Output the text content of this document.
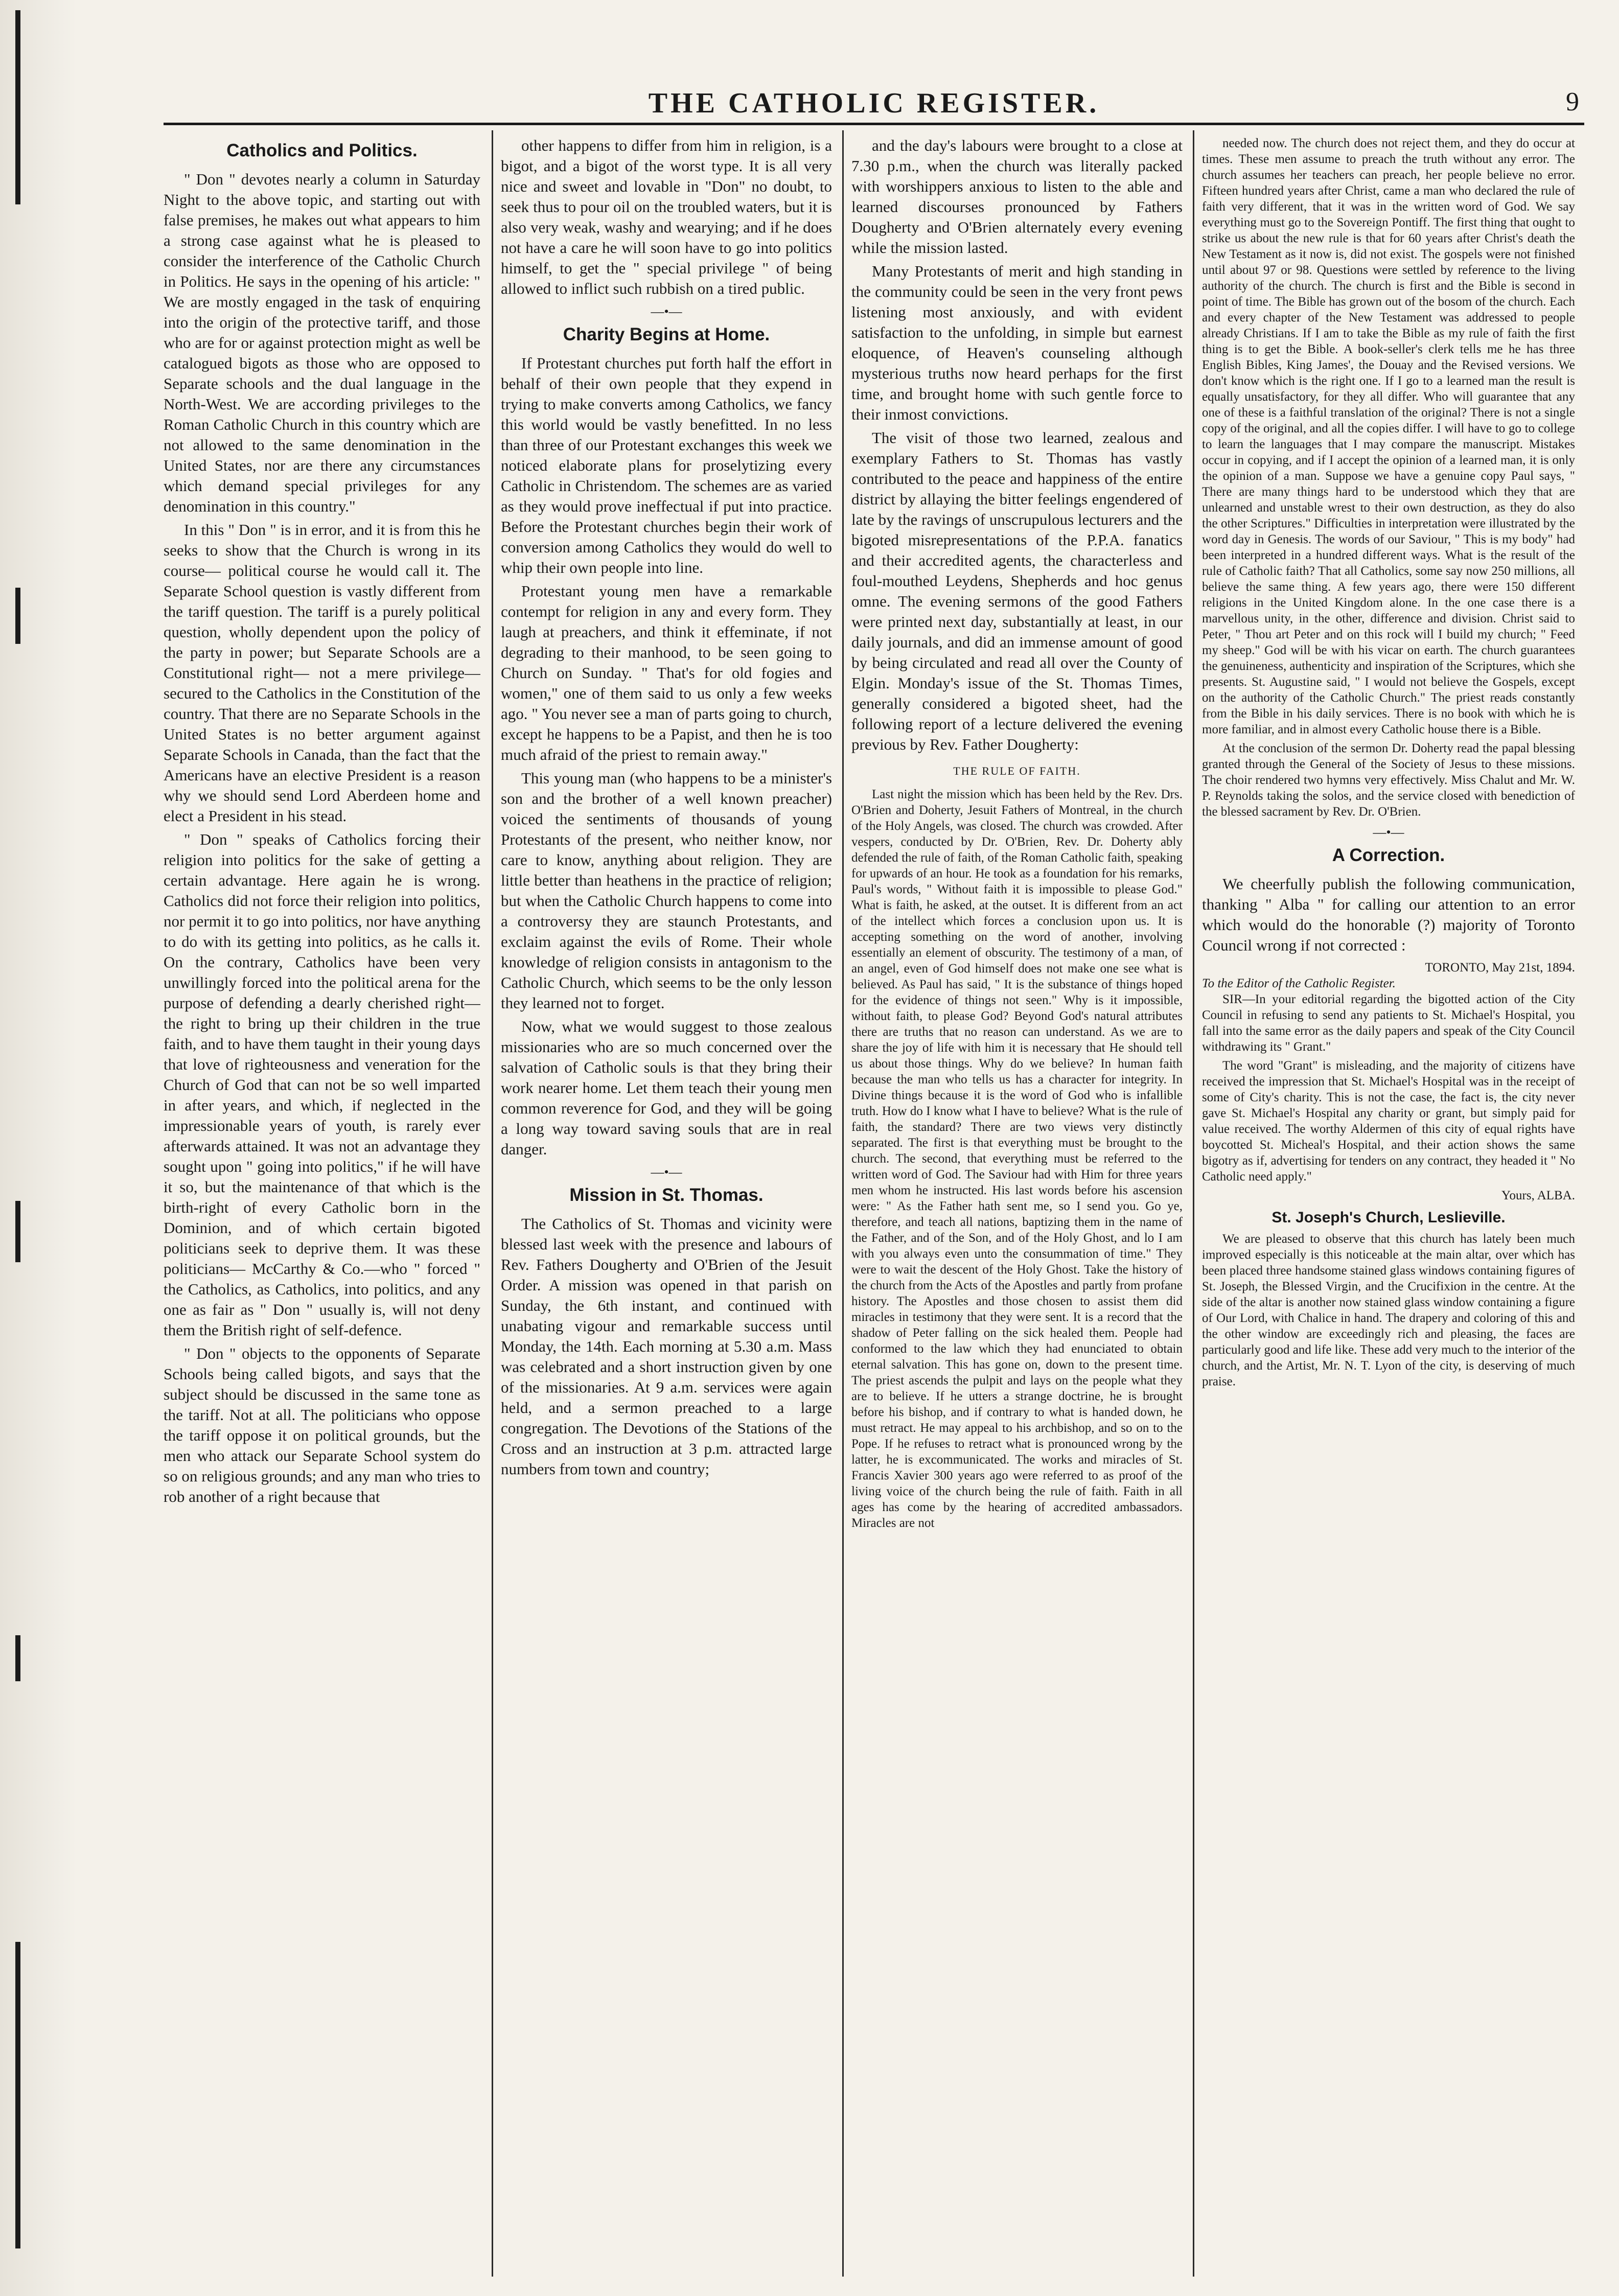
THE CATHOLIC REGISTER.	9
Catholics and Politics.

" Don " devotes nearly a column in Saturday Night to the above topic, and starting out with false premises, he makes out what appears to him a strong case against what he is pleased to consider the interference of the Catholic Church in Politics. He says in the opening of his article: " We are mostly engaged in the task of enquiring into the origin of the protective tariff, and those who are for or against protection might as well be catalogued bigots as those who are opposed to Separate schools and the dual language in the North-West. We are according privileges to the Roman Catholic Church in this country which are not allowed to the same denomination in the United States, nor are there any circumstances which demand special privileges for any denomination in this country."

In this " Don " is in error, and it is from this he seeks to show that the Church is wrong in its course— political course he would call it. The Separate School question is vastly different from the tariff question. The tariff is a purely political question, wholly dependent upon the policy of the party in power; but Separate Schools are a Constitutional right— not a mere privilege—secured to the Catholics in the Constitution of the country. That there are no Separate Schools in the United States is no better argument against Separate Schools in Canada, than the fact that the Americans have an elective President is a reason why we should send Lord Aberdeen home and elect a President in his stead.

" Don " speaks of Catholics forcing their religion into politics for the sake of getting a certain advantage. Here again he is wrong. Catholics did not force their religion into politics, nor permit it to go into politics, nor have anything to do with its getting into politics, as he calls it. On the contrary, Catholics have been very unwillingly forced into the political arena for the purpose of defending a dearly cherished right—the right to bring up their children in the true faith, and to have them taught in their young days that love of righteousness and veneration for the Church of God that can not be so well imparted in after years, and which, if neglected in the impressionable years of youth, is rarely ever afterwards attained. It was not an advantage they sought upon " going into politics," if he will have it so, but the maintenance of that which is the birth-right of every Catholic born in the Dominion, and of which certain bigoted politicians seek to deprive them. It was these politicians— McCarthy & Co.—who " forced " the Catholics, as Catholics, into politics, and any one as fair as " Don " usually is, will not deny them the British right of self-defence.

" Don " objects to the opponents of Separate Schools being called bigots, and says that the subject should be discussed in the same tone as the tariff. Not at all. The politicians who oppose the tariff oppose it on political grounds, but the men who attack our Separate School system do so on religious grounds; and any man who tries to rob another of a right because that

other happens to differ from him in religion, is a bigot, and a bigot of the worst type. It is all very nice and sweet and lovable in "Don" no doubt, to seek thus to pour oil on the troubled waters, but it is also very weak, washy and wearying; and if he does not have a care he will soon have to go into politics himself, to get the " special privilege " of being allowed to inflict such rubbish on a tired public.

—•—
Charity Begins at Home.

If Protestant churches put forth half the effort in behalf of their own people that they expend in trying to make converts among Catholics, we fancy this world would be vastly benefitted. In no less than three of our Protestant exchanges this week we noticed elaborate plans for proselytizing every Catholic in Christendom. The schemes are as varied as they would prove ineffectual if put into practice. Before the Protestant churches begin their work of conversion among Catholics they would do well to whip their own people into line.

Protestant young men have a remarkable contempt for religion in any and every form. They laugh at preachers, and think it effeminate, if not degrading to their manhood, to be seen going to Church on Sunday. " That's for old fogies and women," one of them said to us only a few weeks ago. " You never see a man of parts going to church, except he happens to be a Papist, and then he is too much afraid of the priest to remain away."

This young man (who happens to be a minister's son and the brother of a well known preacher) voiced the sentiments of thousands of young Protestants of the present, who neither know, nor care to know, anything about religion. They are little better than heathens in the practice of religion; but when the Catholic Church happens to come into a controversy they are staunch Protestants, and exclaim against the evils of Rome. Their whole knowledge of religion consists in antagonism to the Catholic Church, which seems to be the only lesson they learned not to forget.

Now, what we would suggest to those zealous missionaries who are so much concerned over the salvation of Catholic souls is that they bring their work nearer home. Let them teach their young men common reverence for God, and they will be going a long way toward saving souls that are in real danger.

—•—
Mission in St. Thomas.

The Catholics of St. Thomas and vicinity were blessed last week with the presence and labours of Rev. Fathers Dougherty and O'Brien of the Jesuit Order. A mission was opened in that parish on Sunday, the 6th instant, and continued with unabating vigour and remarkable success until Monday, the 14th. Each morning at 5.30 a.m. Mass was celebrated and a short instruction given by one of the missionaries. At 9 a.m. services were again held, and a sermon preached to a large congregation. The Devotions of the Stations of the Cross and an instruction at 3 p.m. attracted large numbers from town and country;

and the day's labours were brought to a close at 7.30 p.m., when the church was literally packed with worshippers anxious to listen to the able and learned discourses pronounced by Fathers Dougherty and O'Brien alternately every evening while the mission lasted.

Many Protestants of merit and high standing in the community could be seen in the very front pews listening most anxiously, and with evident satisfaction to the unfolding, in simple but earnest eloquence, of Heaven's counseling although mysterious truths now heard perhaps for the first time, and brought home with such gentle force to their inmost convictions.

The visit of those two learned, zealous and exemplary Fathers to St. Thomas has vastly contributed to the peace and happiness of the entire district by allaying the bitter feelings engendered of late by the ravings of unscrupulous lecturers and the bigoted misrepresentations of the P.P.A. fanatics and their accredited agents, the characterless and foul-mouthed Leydens, Shepherds and hoc genus omne. The evening sermons of the good Fathers were printed next day, substantially at least, in our daily journals, and did an immense amount of good by being circulated and read all over the County of Elgin. Monday's issue of the St. Thomas Times, generally considered a bigoted sheet, had the following report of a lecture delivered the evening previous by Rev. Father Dougherty:

THE RULE OF FAITH.

Last night the mission which has been held by the Rev. Drs. O'Brien and Doherty, Jesuit Fathers of Montreal, in the church of the Holy Angels, was closed. The church was crowded. After vespers, conducted by Dr. O'Brien, Rev. Dr. Doherty ably defended the rule of faith, of the Roman Catholic faith, speaking for upwards of an hour. He took as a foundation for his remarks, Paul's words, " Without faith it is impossible to please God." What is faith, he asked, at the outset. It is different from an act of the intellect which forces a conclusion upon us. It is accepting something on the word of another, involving essentially an element of obscurity. The testimony of a man, of an angel, even of God himself does not make one see what is believed. As Paul has said, " It is the substance of things hoped for the evidence of things not seen." Why is it impossible, without faith, to please God? Beyond God's natural attributes there are truths that no reason can understand. As we are to share the joy of life with him it is necessary that He should tell us about those things. Why do we believe? In human faith because the man who tells us has a character for integrity. In Divine things because it is the word of God who is infallible truth. How do I know what I have to believe? What is the rule of faith, the standard? There are two views very distinctly separated. The first is that everything must be brought to the church. The second, that everything must be referred to the written word of God. The Saviour had with Him for three years men whom he instructed. His last words before his ascension were: " As the Father hath sent me, so I send you. Go ye, therefore, and teach all nations, baptizing them in the name of the Father, and of the Son, and of the Holy Ghost, and lo I am with you always even unto the consummation of time." They were to wait the descent of the Holy Ghost. Take the history of the church from the Acts of the Apostles and partly from profane history. The Apostles and those chosen to assist them did miracles in testimony that they were sent. It is a record that the shadow of Peter falling on the sick healed them. People had conformed to the law which they had enunciated to obtain eternal salvation. This has gone on, down to the present time. The priest ascends the pulpit and lays on the people what they are to believe. If he utters a strange doctrine, he is brought before his bishop, and if contrary to what is handed down, he must retract. He may appeal to his archbishop, and so on to the Pope. If he refuses to retract what is pronounced wrong by the latter, he is excommunicated. The works and miracles of St. Francis Xavier 300 years ago were referred to as proof of the living voice of the church being the rule of faith. Faith in all ages has come by the hearing of accredited ambassadors. Miracles are not

needed now. The church does not reject them, and they do occur at times. These men assume to preach the truth without any error. The church assumes her teachers can preach, her people believe no error. Fifteen hundred years after Christ, came a man who declared the rule of faith very different, that it was in the written word of God. We say everything must go to the Sovereign Pontiff. The first thing that ought to strike us about the new rule is that for 60 years after Christ's death the New Testament as it now is, did not exist. The gospels were not finished until about 97 or 98. Questions were settled by reference to the living authority of the church. The church is first and the Bible is second in point of time. The Bible has grown out of the bosom of the church. Each and every chapter of the New Testament was addressed to people already Christians. If I am to take the Bible as my rule of faith the first thing is to get the Bible. A book-seller's clerk tells me he has three English Bibles, King James', the Douay and the Revised versions. We don't know which is the right one. If I go to a learned man the result is equally unsatisfactory, for they all differ. Who will guarantee that any one of these is a faithful translation of the original? There is not a single copy of the original, and all the copies differ. I will have to go to college to learn the languages that I may compare the manuscript. Mistakes occur in copying, and if I accept the opinion of a learned man, it is only the opinion of a man. Suppose we have a genuine copy Paul says, " There are many things hard to be understood which they that are unlearned and unstable wrest to their own destruction, as they do also the other Scriptures." Difficulties in interpretation were illustrated by the word day in Genesis. The words of our Saviour, " This is my body" had been interpreted in a hundred different ways. What is the result of the rule of Catholic faith? That all Catholics, some say now 250 millions, all believe the same thing. A few years ago, there were 150 different religions in the United Kingdom alone. In the one case there is a marvellous unity, in the other, difference and division. Christ said to Peter, " Thou art Peter and on this rock will I build my church; " Feed my sheep." God will be with his vicar on earth. The church guarantees the genuineness, authenticity and inspiration of the Scriptures, which she presents. St. Augustine said, " I would not believe the Gospels, except on the authority of the Catholic Church." The priest reads constantly from the Bible in his daily services. There is no book with which he is more familiar, and in almost every Catholic house there is a Bible.

At the conclusion of the sermon Dr. Doherty read the papal blessing granted through the General of the Society of Jesus to these missions. The choir rendered two hymns very effectively. Miss Chalut and Mr. W. P. Reynolds taking the solos, and the service closed with benediction of the blessed sacrament by Rev. Dr. O'Brien.

—•—
A Correction.

We cheerfully publish the following communication, thanking " Alba " for calling our attention to an error which would do the honorable (?) majority of Toronto Council wrong if not corrected :

TORONTO, May 21st, 1894.
To the Editor of the Catholic Register.

SIR—In your editorial regarding the bigotted action of the City Council in refusing to send any patients to St. Michael's Hospital, you fall into the same error as the daily papers and speak of the City Council withdrawing its " Grant."

The word "Grant" is misleading, and the majority of citizens have received the impression that St. Michael's Hospital was in the receipt of some of City's charity. This is not the case, the fact is, the city never gave St. Michael's Hospital any charity or grant, but simply paid for value received. The worthy Aldermen of this city of equal rights have boycotted St. Micheal's Hospital, and their action shows the same bigotry as if, advertising for tenders on any contract, they headed it " No Catholic need apply."

Yours, ALBA.
St. Joseph's Church, Leslieville.

We are pleased to observe that this church has lately been much improved especially is this noticeable at the main altar, over which has been placed three handsome stained glass windows containing figures of St. Joseph, the Blessed Virgin, and the Crucifixion in the centre. At the side of the altar is another now stained glass window containing a figure of Our Lord, with Chalice in hand. The drapery and coloring of this and the other window are exceedingly rich and pleasing, the faces are particularly good and life like. These add very much to the interior of the church, and the Artist, Mr. N. T. Lyon of the city, is deserving of much praise.
